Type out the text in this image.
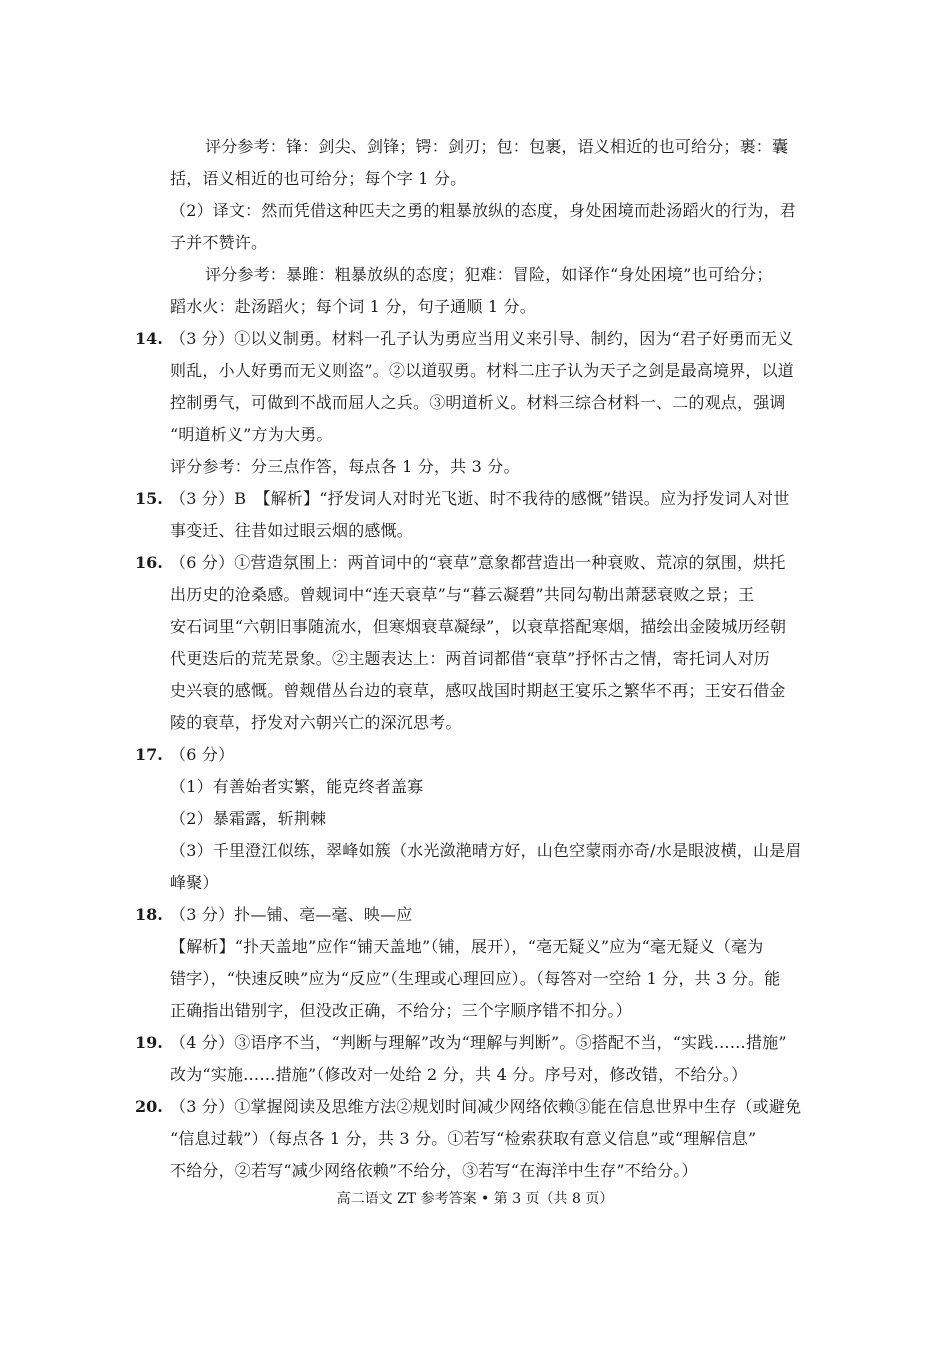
评分参考：锋：剑尖、剑锋；锷：剑刃；包：包裹，语义相近的也可给分；裹：囊
括，语义相近的也可给分；每个字 1 分。
（2）译文：然而凭借这种匹夫之勇的粗暴放纵的态度，身处困境而赴汤蹈火的行为，君
子并不赞许。
评分参考：暴雎：粗暴放纵的态度；犯难：冒险，如译作“身处困境”也可给分；
蹈水火：赴汤蹈火；每个词 1 分，句子通顺 1 分。
14. （3 分）①以义制勇。材料一孔子认为勇应当用义来引导、制约，因为“君子好勇而无义
则乱，小人好勇而无义则盗”。②以道驭勇。材料二庄子认为天子之剑是最高境界，以道
控制勇气，可做到不战而屈人之兵。③明道析义。材料三综合材料一、二的观点，强调
“明道析义”方为大勇。
评分参考：分三点作答，每点各 1 分，共 3 分。
15. （3 分）B　【解析】“抒发词人对时光飞逝、时不我待的感慨”错误。应为抒发词人对世
事变迁、往昔如过眼云烟的感慨。
16. （6 分）①营造氛围上：两首词中的“衰草”意象都营造出一种衰败、荒凉的氛围，烘托
出历史的沧桑感。曾觌词中“连天衰草”与“暮云凝碧”共同勾勒出萧瑟衰败之景；王
安石词里“六朝旧事随流水，但寒烟衰草凝绿”，以衰草搭配寒烟，描绘出金陵城历经朝
代更迭后的荒芜景象。②主题表达上：两首词都借“衰草”抒怀古之情，寄托词人对历
史兴衰的感慨。曾觌借丛台边的衰草，感叹战国时期赵王宴乐之繁华不再；王安石借金
陵的衰草，抒发对六朝兴亡的深沉思考。
17. （6 分）
（1）有善始者实繁，能克终者盖寡
（2）暴霜露，斩荆棘
（3）千里澄江似练，翠峰如簇（水光潋滟晴方好，山色空蒙雨亦奇/水是眼波横，山是眉
峰聚）
18. （3 分）扑—铺、亳—毫、映—应
【解析】“扑天盖地”应作“铺天盖地”（铺，展开），“亳无疑义”应为“毫无疑义（毫为
错字），“快速反映”应为“反应”（生理或心理回应）。（每答对一空给 1 分，共 3 分。能
正确指出错别字，但没改正确，不给分；三个字顺序错不扣分。）
19. （4 分）③语序不当，“判断与理解”改为“理解与判断”。⑤搭配不当，“实践……措施”
改为“实施……措施”（修改对一处给 2 分，共 4 分。序号对，修改错，不给分。）
20. （3 分）①掌握阅读及思维方法②规划时间减少网络依赖③能在信息世界中生存（或避免
“信息过载”）（每点各 1 分，共 3 分。①若写“检索获取有意义信息”或“理解信息”
不给分，②若写“减少网络依赖”不给分，③若写“在海洋中生存”不给分。）
高二语文 ZT 参考答案 • 第 3 页（共 8 页）
